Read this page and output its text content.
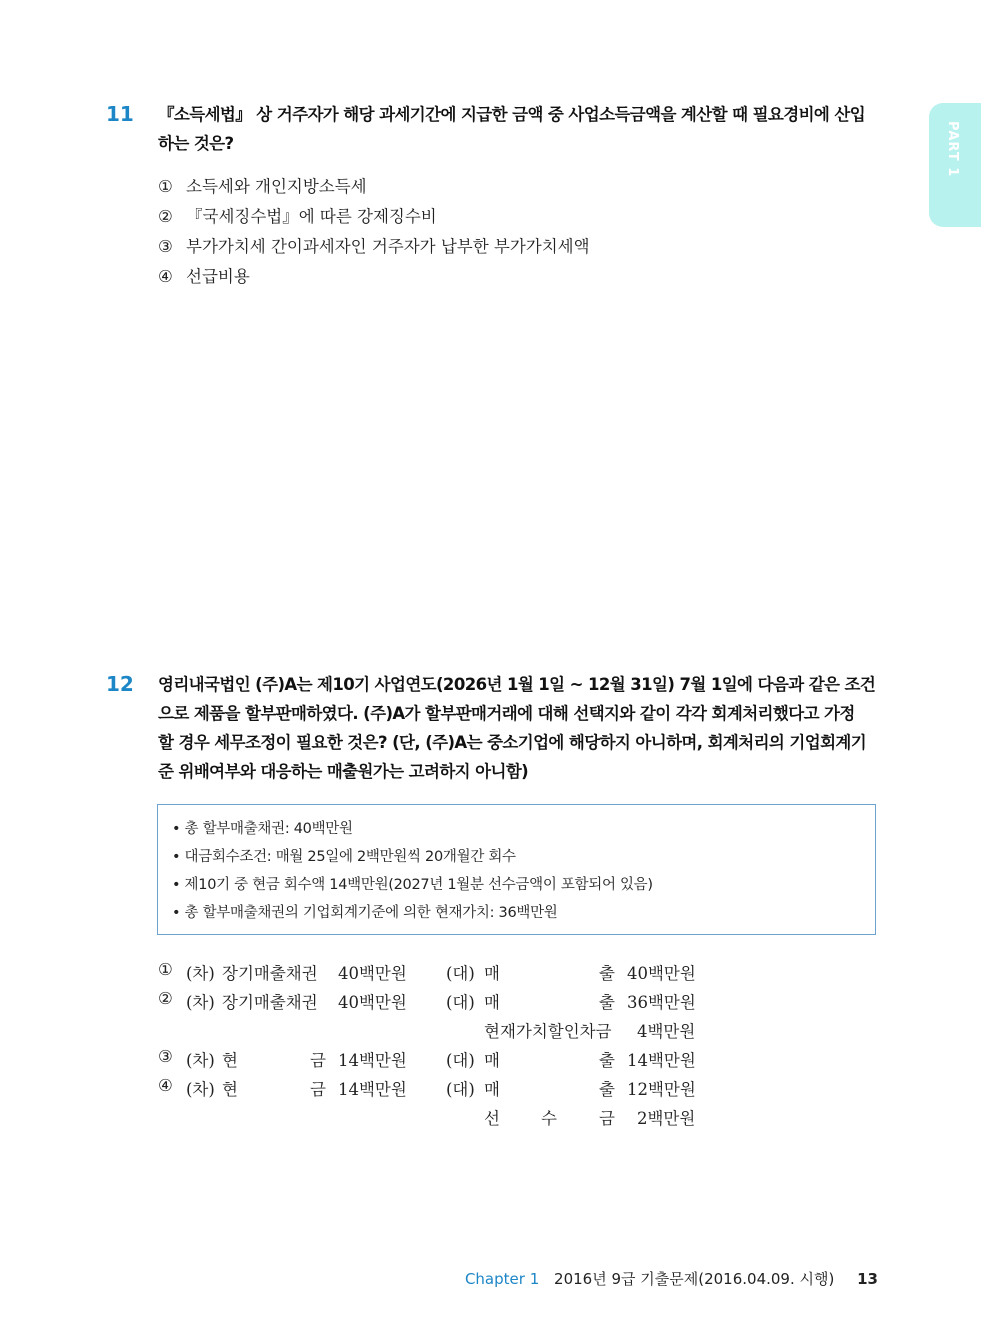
PART 1
11 『소득세법』 상 거주자가 해당 과세기간에 지급한 금액 중 사업소득금액을 계산할 때 필요경비에 산입
하는 것은?
① 소득세와 개인지방소득세
② 『국세징수법』에 따른 강제징수비
③ 부가가치세 간이과세자인 거주자가 납부한 부가가치세액
④ 선급비용
12 영리내국법인 (주)A는 제10기 사업연도(2026년 1월 1일 ~ 12월 31일) 7월 1일에 다음과 같은 조건
으로 제품을 할부판매하였다. (주)A가 할부판매거래에 대해 선택지와 같이 각각 회계처리했다고 가정
할 경우 세무조정이 필요한 것은? (단, (주)A는 중소기업에 해당하지 아니하며, 회계처리의 기업회계기
준 위배여부와 대응하는 매출원가는 고려하지 아니함)
• 총 할부매출채권: 40백만원
• 대금회수조건: 매월 25일에 2백만원씩 20개월간 회수
• 제10기 중 현금 회수액 14백만원(2027년 1월분 선수금액이 포함되어 있음)
• 총 할부매출채권의 기업회계기준에 의한 현재가치: 36백만원
① (차) 장기매출채권 40백만원 (대) 매	출 40백만원
② (차) 장기매출채권 40백만원 (대) 매	출 36백만원
현재가치할인차금 4백만원
③ (차) 현	금 14백만원 (대) 매	출 14백만원
④ (차) 현	금 14백만원 (대) 매	출 12백만원
선 수	금 2백만원
Chapter 1 2016년 9급 기출문제(2016.04.09. 시행) 13
